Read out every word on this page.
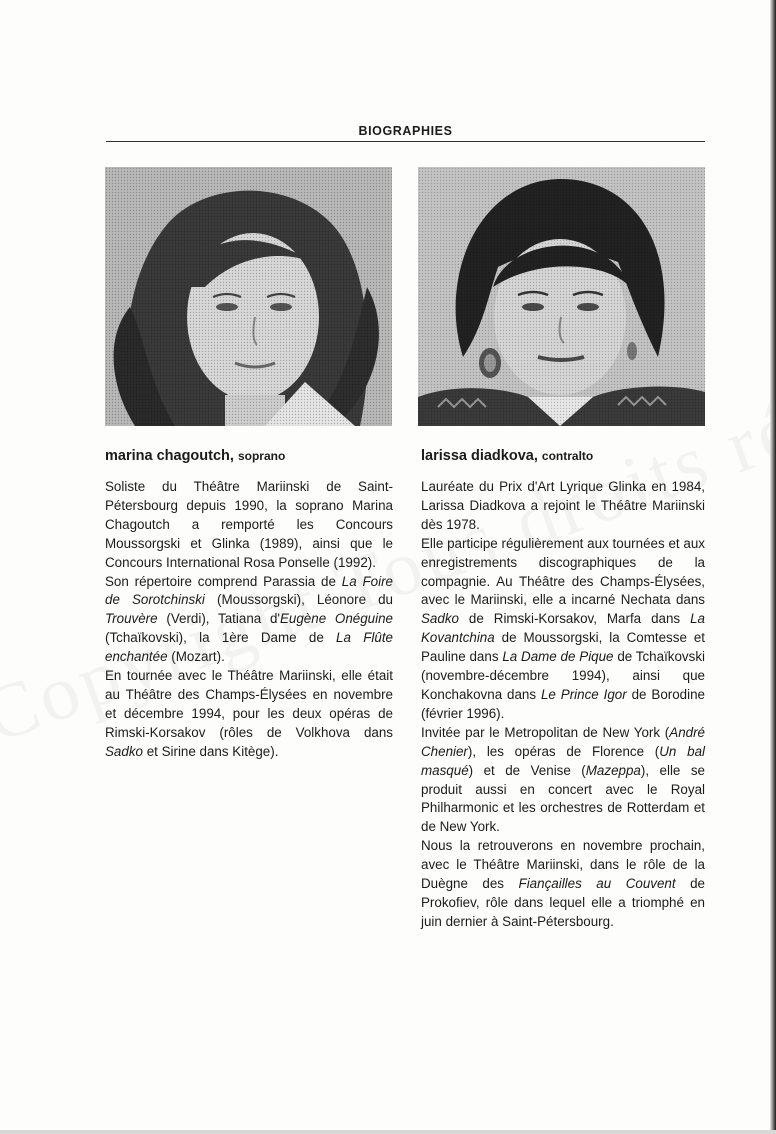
BIOGRAPHIES
marina chagoutch, soprano

Soliste du Théâtre Mariinski de Saint-Pétersbourg depuis 1990, la soprano Marina Chagoutch a remporté les Concours Moussorgski et Glinka (1989), ainsi que le Concours International Rosa Ponselle (1992).

Son répertoire comprend Parassia de La Foire de Sorotchinski (Moussorgski), Léonore du Trouvère (Verdi), Tatiana d'Eugène Onéguine (Tchaïkovski), la 1ère Dame de La Flûte enchantée (Mozart).

En tournée avec le Théâtre Mariinski, elle était au Théâtre des Champs-Élysées en novembre et décembre 1994, pour les deux opéras de Rimski-Korsakov (rôles de Volkhova dans Sadko et Sirine dans Kitège).

larissa diadkova, contralto

Lauréate du Prix d'Art Lyrique Glinka en 1984, Larissa Diadkova a rejoint le Théâtre Mariinski dès 1978.

Elle participe régulièrement aux tournées et aux enregistrements discographiques de la compagnie. Au Théâtre des Champs-Élysées, avec le Mariinski, elle a incarné Nechata dans Sadko de Rimski-Korsakov, Marfa dans La Kovantchina de Moussorgski, la Comtesse et Pauline dans La Dame de Pique de Tchaïkovski (novembre-décembre 1994), ainsi que Konchakovna dans Le Prince Igor de Borodine (février 1996).

Invitée par le Metropolitan de New York (André Chenier), les opéras de Florence (Un bal masqué) et de Venise (Mazeppa), elle se produit aussi en concert avec le Royal Philharmonic et les orchestres de Rotterdam et de New York.

Nous la retrouverons en novembre prochain, avec le Théâtre Mariinski, dans le rôle de la Duègne des Fiançailles au Couvent de Prokofiev, rôle dans lequel elle a triomphé en juin dernier à Saint-Pétersbourg.
